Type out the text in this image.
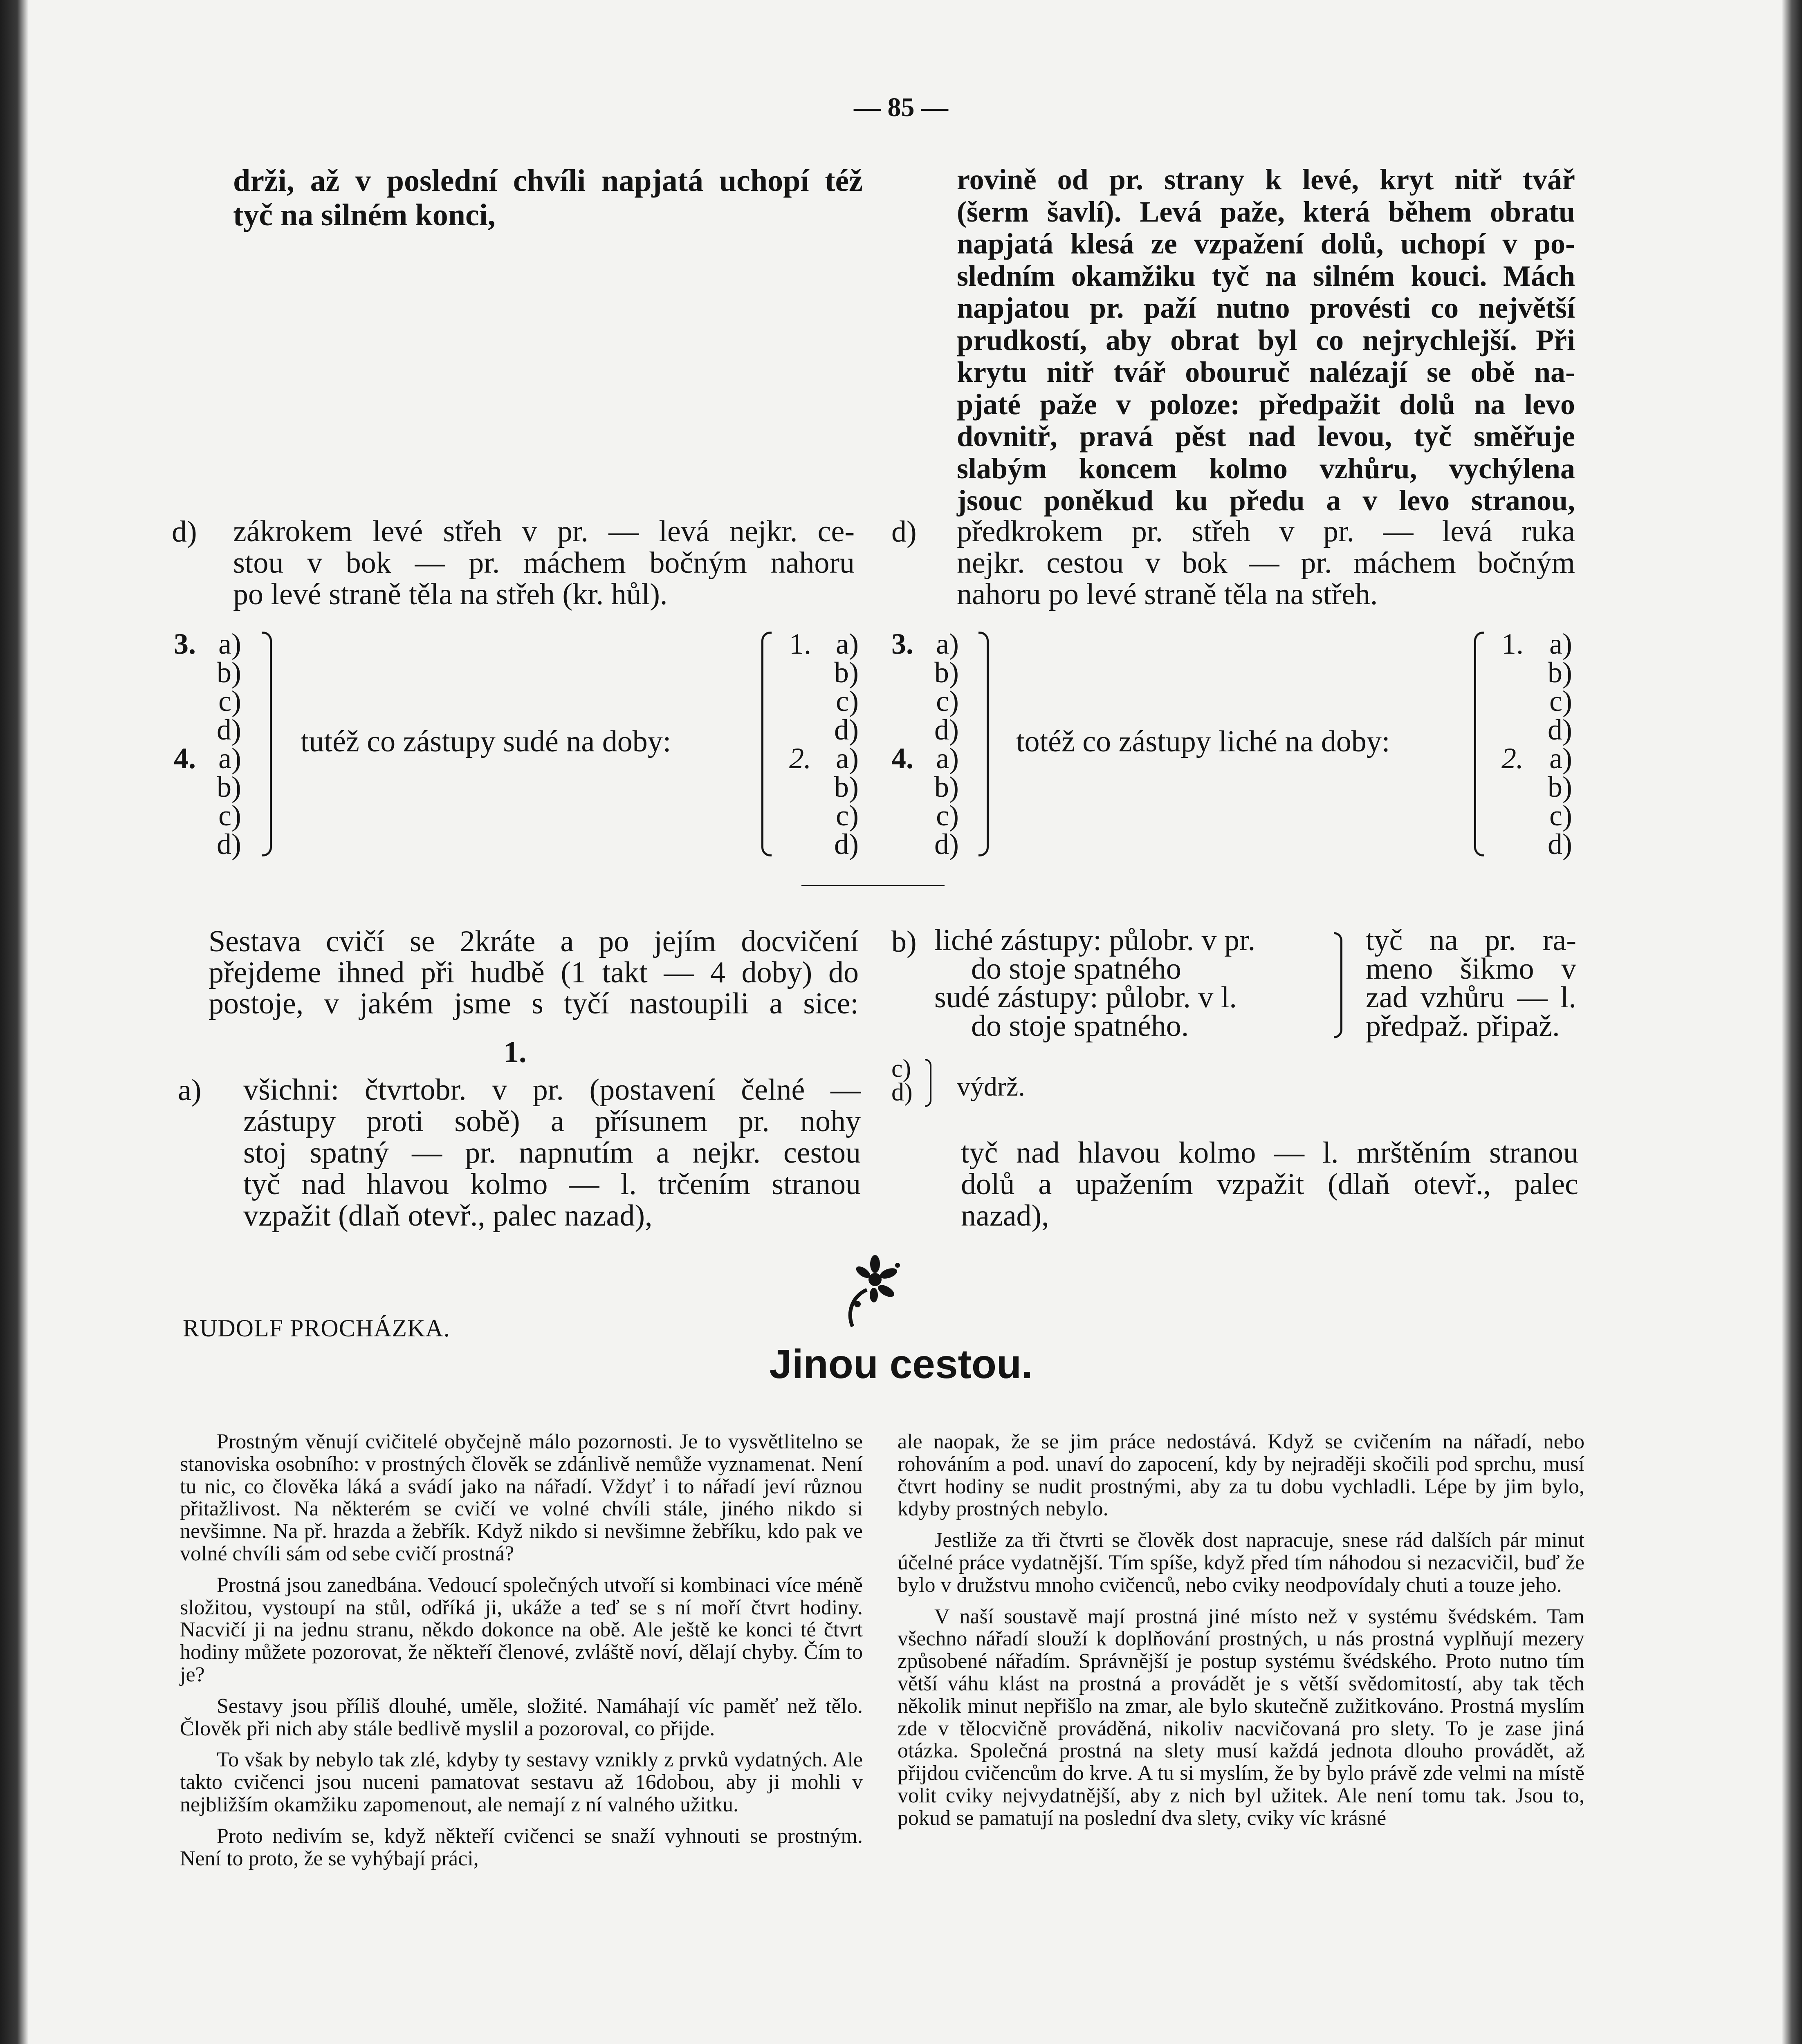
— 85 —
drži, až v poslední chvíli napjatá uchopí též
tyč na silném konci,
rovině od pr. strany k levé, kryt nitř tvář
(šerm šavlí). Levá paže, která během obratu
napjatá klesá ze vzpažení dolů, uchopí v po-
sledním okamžiku tyč na silném kouci. Mách
napjatou pr. paží nutno provésti co největší
prudkostí, aby obrat byl co nejrychlejší. Při
krytu nitř tvář obouruč nalézají se obě na-
pjaté paže v poloze: předpažit dolů na levo
dovnitř, pravá pěst nad levou, tyč směřuje
slabým koncem kolmo vzhůru, vychýlena
jsouc poněkud ku předu a v levo stranou,
d) zákrokem levé střeh v pr. — levá nejkr. ce-
stou v bok — pr. máchem bočným nahoru
po levé straně těla na střeh (kr. hůl).
d) předkrokem pr. střeh v pr. — levá ruka
nejkr. cestou v bok — pr. máchem bočným
nahoru po levé straně těla na střeh.
3.
4.
a)
b)
c)
d)
a)
b)
c)
d)
tutéž co zástupy sudé na doby:
1.
2.
a)
b)
c)
d)
a)
b)
c)
d)
3.
4.
a)
b)
c)
d)
a)
b)
c)
d)
totéž co zástupy liché na doby:
1.
2.
a)
b)
c)
d)
a)
b)
c)
d)
Sestava cvičí se 2kráte a po jejím docvičení
přejdeme ihned při hudbě (1 takt — 4 doby) do
postoje, v jakém jsme s tyčí nastoupili a sice:
1.
a) všichni: čtvrtobr. v pr. (postavení čelné —
zástupy proti sobě) a přísunem pr. nohy
stoj spatný — pr. napnutím a nejkr. cestou
tyč nad hlavou kolmo — l. trčením stranou
vzpažit (dlaň otevř., palec nazad),
b) liché zástupy: půlobr. v pr.
do stoje spatného
sudé zástupy: půlobr. v l.
do stoje spatného.
tyč na pr. ra-
meno šikmo v
zad vzhůru — l.
předpaž. připaž.
c)
d) výdrž.
tyč nad hlavou kolmo — l. mrštěním stranou
dolů a upažením vzpažit (dlaň otevř., palec
nazad),
RUDOLF PROCHÁZKA.
Jinou cestou.

Prostným věnují cvičitelé obyčejně málo pozornosti. Je to vysvětlitelno se stanoviska osobního: v prostných člověk se zdánlivě nemůže vyznamenat. Není tu nic, co člověka láká a svádí jako na nářadí. Vždyť i to nářadí jeví různou přitažlivost. Na některém se cvičí ve volné chvíli stále, jiného nikdo si nevšimne. Na př. hrazda a žebřík. Když nikdo si nevšimne žebříku, kdo pak ve volné chvíli sám od sebe cvičí prostná?

Prostná jsou zanedbána. Vedoucí společných utvoří si kombinaci více méně složitou, vystoupí na stůl, odříká ji, ukáže a teď se s ní moří čtvrt hodiny. Nacvičí ji na jednu stranu, někdo dokonce na obě. Ale ještě ke konci té čtvrt hodiny můžete pozorovat, že někteří členové, zvláště noví, dělají chyby. Čím to je?

Sestavy jsou příliš dlouhé, uměle, složité. Namáhají víc paměť než tělo. Člověk při nich aby stále bedlivě myslil a pozoroval, co přijde.

To však by nebylo tak zlé, kdyby ty sestavy vznikly z prvků vydatných. Ale takto cvičenci jsou nuceni pamatovat sestavu až 16dobou, aby ji mohli v nejbližším okamžiku zapomenout, ale nemají z ní valného užitku.

Proto nedivím se, když někteří cvičenci se snaží vyhnouti se prostným. Není to proto, že se vyhýbají práci,

ale naopak, že se jim práce nedostává. Když se cvičením na nářadí, nebo rohováním a pod. unaví do zapocení, kdy by nejraději skočili pod sprchu, musí čtvrt hodiny se nudit prostnými, aby za tu dobu vychladli. Lépe by jim bylo, kdyby prostných nebylo.

Jestliže za tři čtvrti se člověk dost napracuje, snese rád dalších pár minut účelné práce vydatnější. Tím spíše, když před tím náhodou si nezacvičil, buď že bylo v družstvu mnoho cvičenců, nebo cviky neodpovídaly chuti a touze jeho.

V naší soustavě mají prostná jiné místo než v systému švédském. Tam všechno nářadí slouží k doplňování prostných, u nás prostná vyplňují mezery způsobené nářadím. Správnější je postup systému švédského. Proto nutno tím větší váhu klást na prostná a provádět je s větší svědomitostí, aby tak těch několik minut nepřišlo na zmar, ale bylo skutečně zužitkováno. Prostná myslím zde v tělocvičně prováděná, nikoliv nacvičovaná pro slety. To je zase jiná otázka. Společná prostná na slety musí každá jednota dlouho provádět, až přijdou cvičencům do krve. A tu si myslím, že by bylo právě zde velmi na místě volit cviky nejvydatnější, aby z nich byl užitek. Ale není tomu tak. Jsou to, pokud se pamatují na poslední dva slety, cviky víc krásné
